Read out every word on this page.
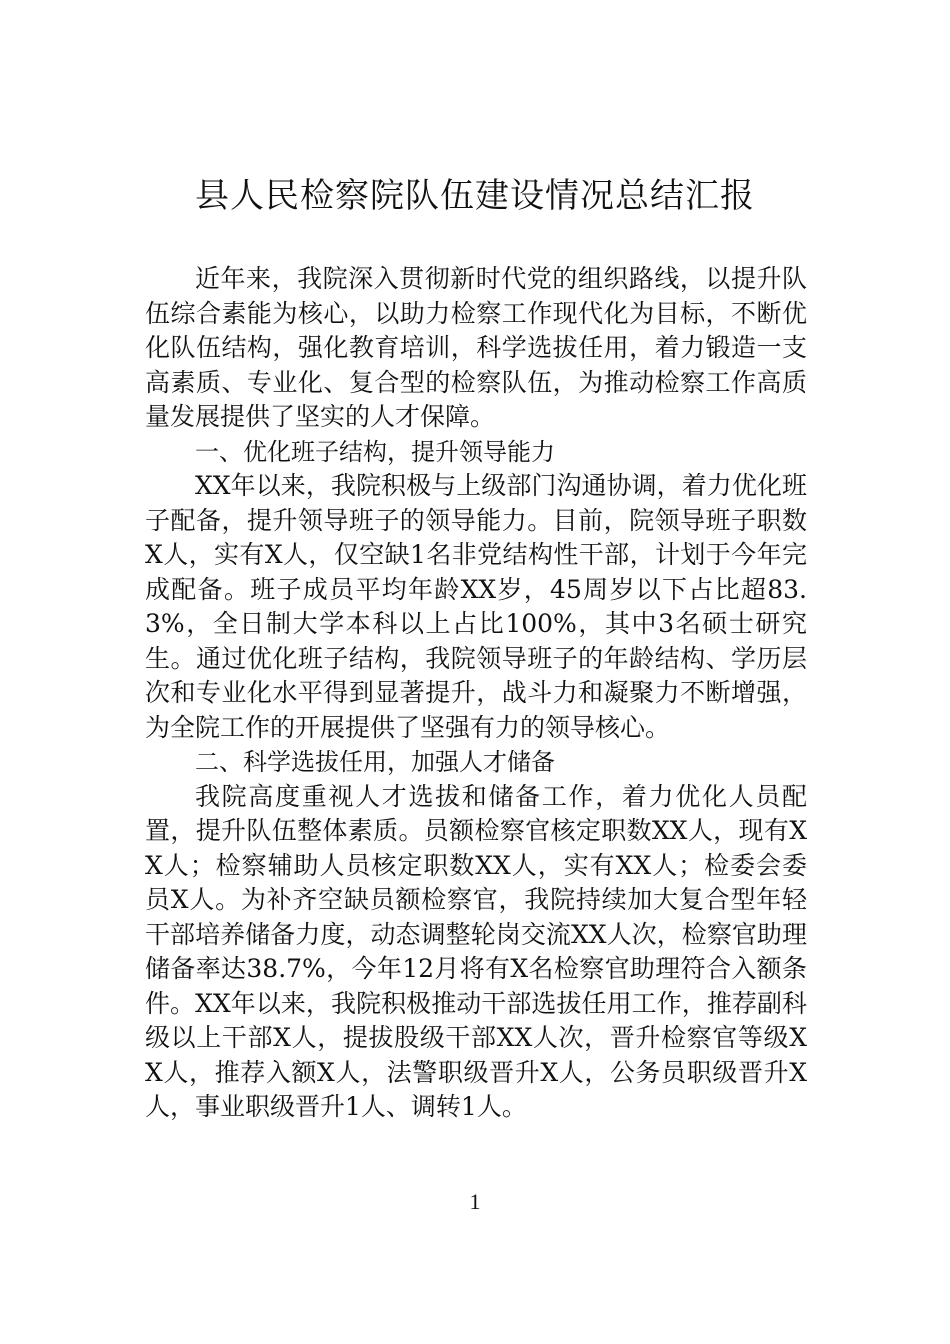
县人民检察院队伍建设情况总结汇报

近年来，我院深入贯彻新时代党的组织路线，以提升队伍综合素能为核心，以助力检察工作现代化为目标，不断优化队伍结构，强化教育培训，科学选拔任用，着力锻造一支高素质、专业化、复合型的检察队伍，为推动检察工作高质量发展提供了坚实的人才保障。

一、优化班子结构，提升领导能力

XX年以来，我院积极与上级部门沟通协调，着力优化班子配备，提升领导班子的领导能力。目前，院领导班子职数X人，实有X人，仅空缺1名非党结构性干部，计划于今年完成配备。班子成员平均年龄XX岁，45周岁以下占比超83.3%，全日制大学本科以上占比100%，其中3名硕士研究生。通过优化班子结构，我院领导班子的年龄结构、学历层次和专业化水平得到显著提升，战斗力和凝聚力不断增强，为全院工作的开展提供了坚强有力的领导核心。

二、科学选拔任用，加强人才储备

我院高度重视人才选拔和储备工作，着力优化人员配置，提升队伍整体素质。员额检察官核定职数XX人，现有XX人；检察辅助人员核定职数XX人，实有XX人；检委会委员X人。为补齐空缺员额检察官，我院持续加大复合型年轻干部培养储备力度，动态调整轮岗交流XX人次，检察官助理储备率达38.7%，今年12月将有X名检察官助理符合入额条件。XX年以来，我院积极推动干部选拔任用工作，推荐副科级以上干部X人，提拔股级干部XX人次，晋升检察官等级XX人，推荐入额X人，法警职级晋升X人，公务员职级晋升X人，事业职级晋升1人、调转1人。

1
